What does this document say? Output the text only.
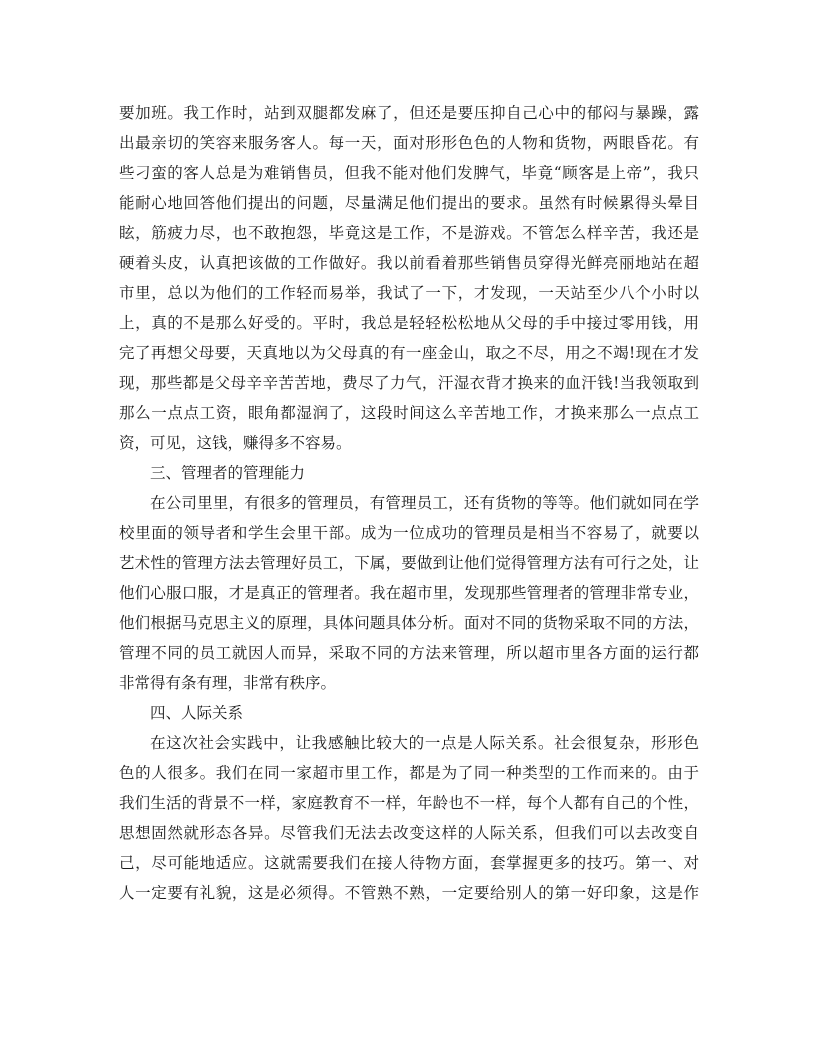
要加班。我工作时，站到双腿都发麻了，但还是要压抑自己心中的郁闷与暴躁，露
出最亲切的笑容来服务客人。每一天，面对形形色色的人物和货物，两眼昏花。有
些刁蛮的客人总是为难销售员，但我不能对他们发脾气，毕竟“顾客是上帝”，我只
能耐心地回答他们提出的问题，尽量满足他们提出的要求。虽然有时候累得头晕目
眩，筋疲力尽，也不敢抱怨，毕竟这是工作，不是游戏。不管怎么样辛苦，我还是
硬着头皮，认真把该做的工作做好。我以前看着那些销售员穿得光鲜亮丽地站在超
市里，总以为他们的工作轻而易举，我试了一下，才发现，一天站至少八个小时以
上，真的不是那么好受的。平时，我总是轻轻松松地从父母的手中接过零用钱，用
完了再想父母要，天真地以为父母真的有一座金山，取之不尽，用之不竭!现在才发
现，那些都是父母辛辛苦苦地，费尽了力气，汗湿衣背才换来的血汗钱!当我领取到
那么一点点工资，眼角都湿润了，这段时间这么辛苦地工作，才换来那么一点点工
资，可见，这钱，赚得多不容易。
三、管理者的管理能力
在公司里里，有很多的管理员，有管理员工，还有货物的等等。他们就如同在学
校里面的领导者和学生会里干部。成为一位成功的管理员是相当不容易了，就要以
艺术性的管理方法去管理好员工，下属，要做到让他们觉得管理方法有可行之处，让
他们心服口服，才是真正的管理者。我在超市里，发现那些管理者的管理非常专业，
他们根据马克思主义的原理，具体问题具体分析。面对不同的货物采取不同的方法，
管理不同的员工就因人而异，采取不同的方法来管理，所以超市里各方面的运行都
非常得有条有理，非常有秩序。
四、人际关系
在这次社会实践中，让我感触比较大的一点是人际关系。社会很复杂，形形色
色的人很多。我们在同一家超市里工作，都是为了同一种类型的工作而来的。由于
我们生活的背景不一样，家庭教育不一样，年龄也不一样，每个人都有自己的个性，
思想固然就形态各异。尽管我们无法去改变这样的人际关系，但我们可以去改变自
己，尽可能地适应。这就需要我们在接人待物方面，套掌握更多的技巧。第一、对
人一定要有礼貌，这是必须得。不管熟不熟，一定要给别人的第一好印象，这是作
